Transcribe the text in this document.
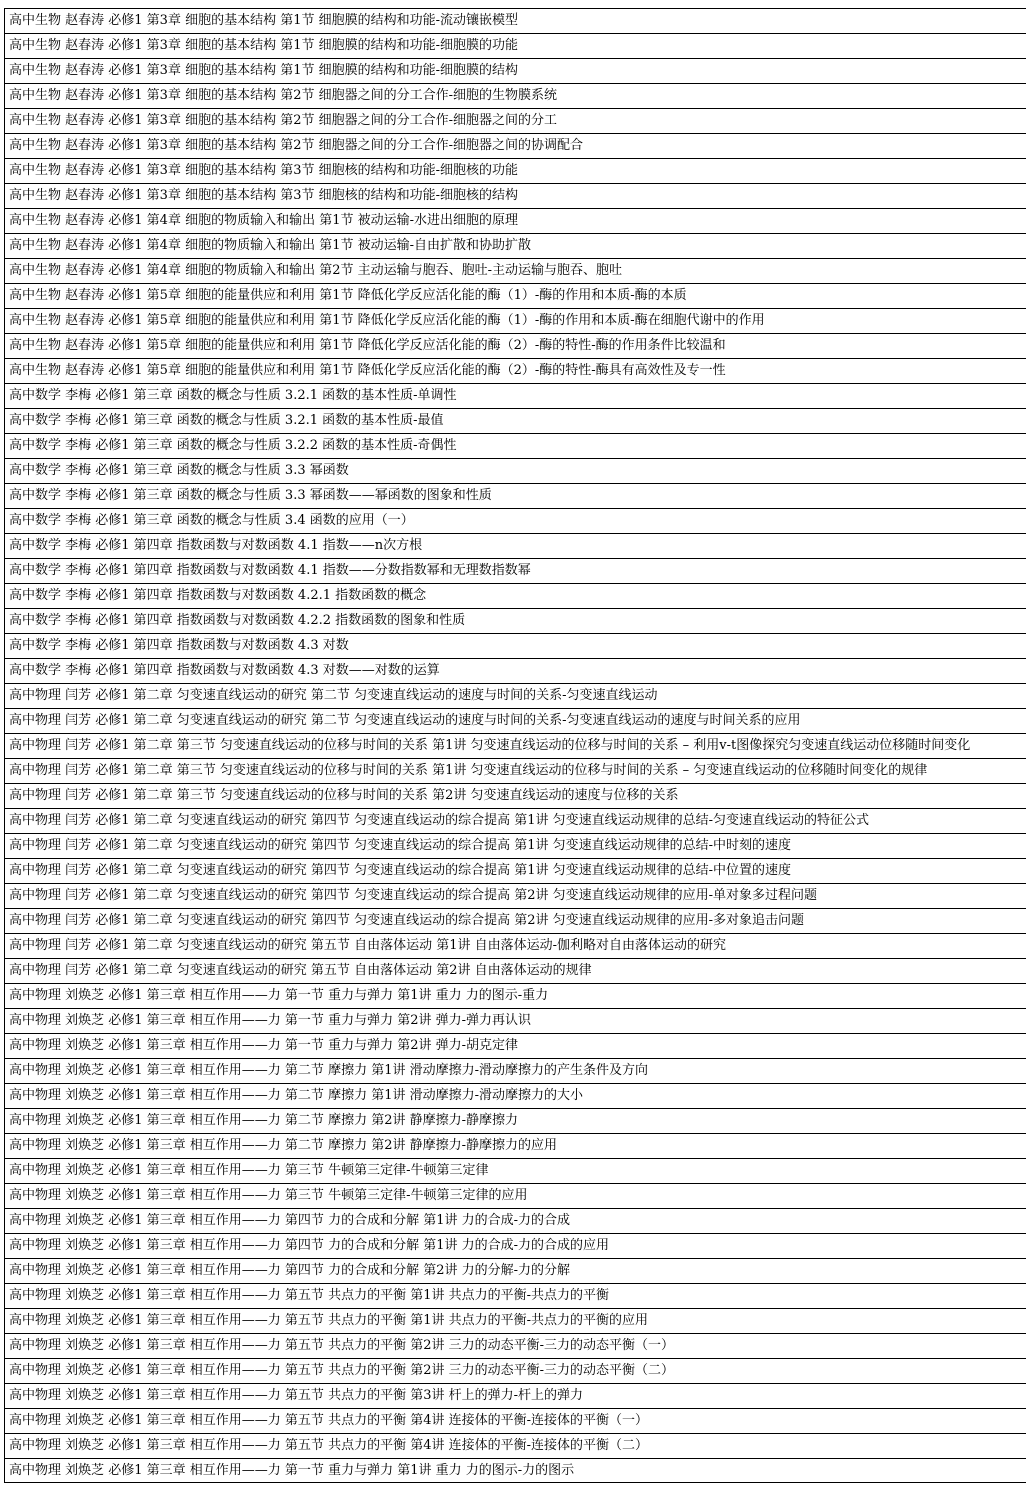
高中生物 赵春涛 必修1 第3章 细胞的基本结构 第1节 细胞膜的结构和功能-流动镶嵌模型
高中生物 赵春涛 必修1 第3章 细胞的基本结构 第1节 细胞膜的结构和功能-细胞膜的功能
高中生物 赵春涛 必修1 第3章 细胞的基本结构 第1节 细胞膜的结构和功能-细胞膜的结构
高中生物 赵春涛 必修1 第3章 细胞的基本结构 第2节 细胞器之间的分工合作-细胞的生物膜系统
高中生物 赵春涛 必修1 第3章 细胞的基本结构 第2节 细胞器之间的分工合作-细胞器之间的分工
高中生物 赵春涛 必修1 第3章 细胞的基本结构 第2节 细胞器之间的分工合作-细胞器之间的协调配合
高中生物 赵春涛 必修1 第3章 细胞的基本结构 第3节 细胞核的结构和功能-细胞核的功能
高中生物 赵春涛 必修1 第3章 细胞的基本结构 第3节 细胞核的结构和功能-细胞核的结构
高中生物 赵春涛 必修1 第4章 细胞的物质输入和输出 第1节 被动运输-水进出细胞的原理
高中生物 赵春涛 必修1 第4章 细胞的物质输入和输出 第1节 被动运输-自由扩散和协助扩散
高中生物 赵春涛 必修1 第4章 细胞的物质输入和输出 第2节 主动运输与胞吞、胞吐-主动运输与胞吞、胞吐
高中生物 赵春涛 必修1 第5章 细胞的能量供应和利用 第1节 降低化学反应活化能的酶（1）-酶的作用和本质-酶的本质
高中生物 赵春涛 必修1 第5章 细胞的能量供应和利用 第1节 降低化学反应活化能的酶（1）-酶的作用和本质-酶在细胞代谢中的作用
高中生物 赵春涛 必修1 第5章 细胞的能量供应和利用 第1节 降低化学反应活化能的酶（2）-酶的特性-酶的作用条件比较温和
高中生物 赵春涛 必修1 第5章 细胞的能量供应和利用 第1节 降低化学反应活化能的酶（2）-酶的特性-酶具有高效性及专一性
高中数学 李梅 必修1 第三章 函数的概念与性质 3.2.1 函数的基本性质-单调性
高中数学 李梅 必修1 第三章 函数的概念与性质 3.2.1 函数的基本性质-最值
高中数学 李梅 必修1 第三章 函数的概念与性质 3.2.2 函数的基本性质-奇偶性
高中数学 李梅 必修1 第三章 函数的概念与性质 3.3 幂函数
高中数学 李梅 必修1 第三章 函数的概念与性质 3.3 幂函数——幂函数的图象和性质
高中数学 李梅 必修1 第三章 函数的概念与性质 3.4 函数的应用（一）
高中数学 李梅 必修1 第四章 指数函数与对数函数 4.1 指数——n次方根
高中数学 李梅 必修1 第四章 指数函数与对数函数 4.1 指数——分数指数幂和无理数指数幂
高中数学 李梅 必修1 第四章 指数函数与对数函数 4.2.1 指数函数的概念
高中数学 李梅 必修1 第四章 指数函数与对数函数 4.2.2 指数函数的图象和性质
高中数学 李梅 必修1 第四章 指数函数与对数函数 4.3 对数
高中数学 李梅 必修1 第四章 指数函数与对数函数 4.3 对数——对数的运算
高中物理 闫芳 必修1 第二章 匀变速直线运动的研究 第二节 匀变速直线运动的速度与时间的关系-匀变速直线运动
高中物理 闫芳 必修1 第二章 匀变速直线运动的研究 第二节 匀变速直线运动的速度与时间的关系-匀变速直线运动的速度与时间关系的应用
高中物理 闫芳 必修1 第二章 第三节 匀变速直线运动的位移与时间的关系 第1讲 匀变速直线运动的位移与时间的关系 – 利用v-t图像探究匀变速直线运动位移随时间变化
高中物理 闫芳 必修1 第二章 第三节 匀变速直线运动的位移与时间的关系 第1讲 匀变速直线运动的位移与时间的关系 – 匀变速直线运动的位移随时间变化的规律
高中物理 闫芳 必修1 第二章 第三节 匀变速直线运动的位移与时间的关系 第2讲 匀变速直线运动的速度与位移的关系
高中物理 闫芳 必修1 第二章 匀变速直线运动的研究 第四节 匀变速直线运动的综合提高 第1讲 匀变速直线运动规律的总结-匀变速直线运动的特征公式
高中物理 闫芳 必修1 第二章 匀变速直线运动的研究 第四节 匀变速直线运动的综合提高 第1讲 匀变速直线运动规律的总结-中时刻的速度
高中物理 闫芳 必修1 第二章 匀变速直线运动的研究 第四节 匀变速直线运动的综合提高 第1讲 匀变速直线运动规律的总结-中位置的速度
高中物理 闫芳 必修1 第二章 匀变速直线运动的研究 第四节 匀变速直线运动的综合提高 第2讲 匀变速直线运动规律的应用-单对象多过程问题
高中物理 闫芳 必修1 第二章 匀变速直线运动的研究 第四节 匀变速直线运动的综合提高 第2讲 匀变速直线运动规律的应用-多对象追击问题
高中物理 闫芳 必修1 第二章 匀变速直线运动的研究 第五节 自由落体运动 第1讲 自由落体运动-伽利略对自由落体运动的研究
高中物理 闫芳 必修1 第二章 匀变速直线运动的研究 第五节 自由落体运动 第2讲 自由落体运动的规律
高中物理 刘焕芝 必修1 第三章 相互作用——力 第一节 重力与弹力 第1讲 重力 力的图示-重力
高中物理 刘焕芝 必修1 第三章 相互作用——力 第一节 重力与弹力 第2讲 弹力-弹力再认识
高中物理 刘焕芝 必修1 第三章 相互作用——力 第一节 重力与弹力 第2讲 弹力-胡克定律
高中物理 刘焕芝 必修1 第三章 相互作用——力 第二节 摩擦力 第1讲 滑动摩擦力-滑动摩擦力的产生条件及方向
高中物理 刘焕芝 必修1 第三章 相互作用——力 第二节 摩擦力 第1讲 滑动摩擦力-滑动摩擦力的大小
高中物理 刘焕芝 必修1 第三章 相互作用——力 第二节 摩擦力 第2讲 静摩擦力-静摩擦力
高中物理 刘焕芝 必修1 第三章 相互作用——力 第二节 摩擦力 第2讲 静摩擦力-静摩擦力的应用
高中物理 刘焕芝 必修1 第三章 相互作用——力 第三节 牛顿第三定律-牛顿第三定律
高中物理 刘焕芝 必修1 第三章 相互作用——力 第三节 牛顿第三定律-牛顿第三定律的应用
高中物理 刘焕芝 必修1 第三章 相互作用——力 第四节 力的合成和分解 第1讲 力的合成-力的合成
高中物理 刘焕芝 必修1 第三章 相互作用——力 第四节 力的合成和分解 第1讲 力的合成-力的合成的应用
高中物理 刘焕芝 必修1 第三章 相互作用——力 第四节 力的合成和分解 第2讲 力的分解-力的分解
高中物理 刘焕芝 必修1 第三章 相互作用——力 第五节 共点力的平衡 第1讲 共点力的平衡-共点力的平衡
高中物理 刘焕芝 必修1 第三章 相互作用——力 第五节 共点力的平衡 第1讲 共点力的平衡-共点力的平衡的应用
高中物理 刘焕芝 必修1 第三章 相互作用——力 第五节 共点力的平衡 第2讲 三力的动态平衡-三力的动态平衡（一）
高中物理 刘焕芝 必修1 第三章 相互作用——力 第五节 共点力的平衡 第2讲 三力的动态平衡-三力的动态平衡（二）
高中物理 刘焕芝 必修1 第三章 相互作用——力 第五节 共点力的平衡 第3讲 杆上的弹力-杆上的弹力
高中物理 刘焕芝 必修1 第三章 相互作用——力 第五节 共点力的平衡 第4讲 连接体的平衡-连接体的平衡（一）
高中物理 刘焕芝 必修1 第三章 相互作用——力 第五节 共点力的平衡 第4讲 连接体的平衡-连接体的平衡（二）
高中物理 刘焕芝 必修1 第三章 相互作用——力 第一节 重力与弹力 第1讲 重力 力的图示-力的图示
